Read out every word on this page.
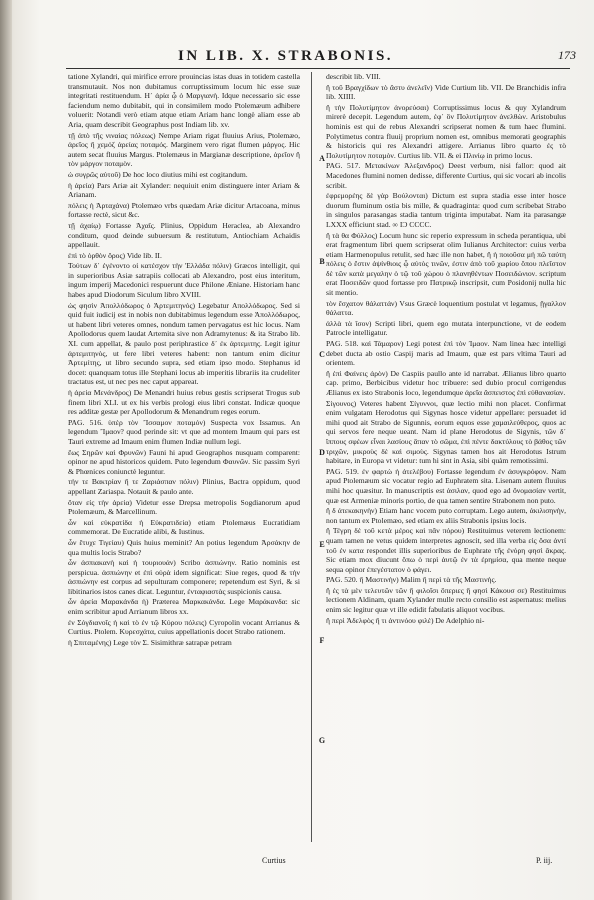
IN LIB. X. STRABONIS.	173

tatione Xylandri, qui mirifice errore prouincias istas duas in totidem castella transmutauit. Nos non dubitamus corruptissimum locum hic esse suæ integritati restituendum. Η᾽ ἀρία ᾧ ὁ Μαργιανὴ. Idque necessario sic esse faciendum nemo dubitabit, qui in consimilem modo Ptolemæum adhibere voluerit: Notandi verò etiam atque etiam Ariam hanc longè aliam esse ab Aria, quam describit Geographus post Indiam lib. xv.

τῇ ἀπὸ τῆς νιναίας πόλεως) Nempe Ariam rigat fluuius Arius, Ptolemæo, ἀρεῖος ἢ χεμόζ ἀρείας ποταμός. Marginem vero rigat flumen μάργος. Hic autem secat fluuius Margus. Ptolemæus in Margianæ descriptione, ἀρεῖον ἢ τὸν μάργον ποταμὸν.

ὡ συγρῶς αὐτοῦ) De hoc loco diutius mihi est cogitandum.

ἡ ἀρεία) Pars Ariæ ait Xylander: nequiuit enim distinguere inter Ariam & Arianam.

πόλεις ἡ Ἀρταχάνα) Ptolemæo vrbs quædam Ariæ dicitur Artacoana, minus fortasse rectè, sicut &c.

τῇ ἀχαίῳ) Fortasse Ἀχαΐς. Plinius, Oppidum Heraclea, ab Alexandro conditum, quod deinde subuersum & restitutum, Antiochiam Achaidis appellauit.

ἐπὶ τὸ ὀρθὸν ὄρος) Vide lib. II.

Τούτων δ᾽ ἐγένοντο οἱ κατέσχον τὴν Ἑλλάδα πόλιν) Græcos intelligit, qui in superioribus Asiæ satrapiis collocati ab Alexandro, post eius interitum, ingum imperij Macedonici respuerunt duce Philone Æniane. Historiam hanc habes apud Diodorum Siculum libro XVIII.

ὡς φησὶν Ἀπολλόδωρος ὁ Ἀρτεμιτηνός) Legebatur Απολλόδωρος. Sed si quid fuit iudicij est in nobis non dubitabimus legendum esse Ἀπολλόδωρος, ut habent libri veteres omnes, nondum tamen pervagatus est hic locus. Nam Apollodorus quem laudat Artemita sive non Adramytenus: & ita Strabo lib. XI. cum appellat, & paulo post periphrastice δ᾽ ἐκ ἀρτεμιτης. Legit igitur ἀρτεμιτηνὸς, ut fere libri veteres habent: non tantum enim dicitur Ἀρτεμίτης, ut libro secundo supra, sed etiam ipso modo. Stephanus id docet: quanquam totus ille Stephani locus ab imperitis librariis ita crudeliter tractatus est, ut nec pes nec caput appareat.

ἡ ἀρεία Μενάνδρος) De Menandri huius rebus gestis scripserat Trogus sub finem libri XLI. ut ex his verbis prologi eius libri constat. Indicæ quoque res additæ gestæ per Apollodorum & Menandrum reges eorum.

PAG. 516. ὑπὲρ τὸν Ἴσσαμον ποταμόν) Suspecta vox Issamus. An legendum Ἴμαον? quod perinde sit: vt que ad montem Imaum qui pars est Tauri extreme ad Imaum enim flumen Indiæ nullum legi.

ἕως Σηρῶν καὶ Φρυνῶν) Fauni hi apud Geographos nusquam comparent: opinor ne apud historicos quidem. Puto legendum Φαυνῶν. Sic passim Syri & Phœnices coniunctè leguntur.

τήν τε Βακτρίαν ἢ τε Ζαριάσπαν πόλιν) Plinius, Bactra oppidum, quod appellant Zariaspa. Notauit & paulo ante.

ὅταν εἰς τὴν ἀρεία) Videtur esse Drepsa metropolis Sogdianorum apud Ptolemæum, & Marcellinum.

ὦν καὶ εὐκρατίδα ἡ Εὐκρατιδεία) etiam Ptolemæus Eucratidiam commemorat. De Eucratide alibi, & Iustinus.

ὦν ἔτυχε Τιγείαυ) Quis huius meminit? An potius legendum Ἀρσάκην de qua multis locis Strabo?

ὦν ἀσπιακανὴ καὶ ἡ τουριουάν) Scribo ἀσπιώνην. Ratio nominis est perspicua. ἀσπιώνην et ἐπὶ οὐρὰ idem significat: Siue reges, quod & τὴν ἀσπιώνην est corpus ad sepulturam componere; repetendum est Syri, & si libitinarios istos canes dicat. Leguntur, ἐνταφιαστὰς suspicionis causa.

ὦν ἀρεία Μαρακάνδα ἡ) Præterea Μαρκακάνδα. Lege Μαράκανδα: sic enim scribitur apud Arrianum libros xx.

ἐν Σόγδιανοῖς ἡ καὶ τὸ ἐν τῷ Κύρου πόλεις) Cyropolin vocant Arrianus & Curtius. Ptolem. Κυρεσχάτα, cuius appellationis docet Strabo rationem.

ἡ Σπιταμένης) Lege τὸν Σ. Sisimithræ satrapæ petram

describit lib. VIII.

ἢ τοῦ Βραγχίδων τὸ ἄστυ ἀνελεῖν) Vide Curtium lib. VII. De Branchidis infra lib. XIIII.

ἢ τὴν Πολυτίμητον ἀνορεύσαι) Corruptissimus locus & quy Xylandrum mirerè decepit. Legendum autem, ἐφ᾽ ὃν Πολυτίμητον ἀνελθὼν. Aristobulus hominis est qui de rebus Alexandri scripserat nomen & tum haec flumini. Polytimetus contra fluuij proprium nomen est, omnibus memorati geographis & historicis qui res Alexandri attigere. Arrianus libro quarto ἐς τὸ Πολυτίμητον ποταμὸν. Curtius lib. VII. & ei Πλινίῳ in primo locus.

PAG. 517. Μετακίνων Ἀλεξανδρος) Deest verbum, nisi fallor: quod ait Macedones flumini nomen dedisse, differente Curtius, qui sic vocari ab incolis scribit.

ἐφρεμορέης δὲ γὰρ Βούλονται) Dictum est supra stadia esse inter hosce duorum fluminum ostia bis mille, & quadraginta: quod cum scribebat Strabo in singulos parasangas stadia tantum triginta imputabat. Nam ita parasangæ LXXX efficiunt stad. ∞ IϽ CCCC.

ἢ τὰ θα Φύλλος) Locum hunc sic reperio expressum in scheda perantiqua, ubi erat fragmentum libri quem scripserat olim Iulianus Architector: cuius verba etiam Harmenopulus retulit, sed hæc ille non habet, ἢ ἡ ποιοῦσα μή πῶ ταύτη πόλεις ὁ ἔστιν ἁψίνθιοις ᾧ αὐτὸς τινῶν, ἐστιν ἀπὸ τοῦ χωρίου ὅπου πλεῖστον δὲ τῶν κατὰ μεγαλην ὁ τῷ τοῦ χώρου ὁ πλανηθέντων Ποσειδώνιον. scriptum erat Ποσειδῶν quod fortasse pro Πατρικῷ inscripsit, cum Posidonij nulla hic sit mentio.

τὸν ἔσχατον θάλαττάν) Vsus Græcè loquentium postulat vt legamus, ᾔγαλλον θάλαττα.

ἀλλὰ τὰ ἴσον) Scripti libri, quem ego mutata interpunctione, vt de eodem Patrocle intelligatur.

PAG. 518. καὶ Τάμαρον) Legi potest ἐπὶ τὸν Ἰμαον. Nam linea hæc intelligi debet ducta ab ostio Caspij maris ad Imaum, quæ est pars vltima Tauri ad orientem.

ἢ ἐπὶ Φαίνεις ἀρὸν) De Caspiis paullo ante id narrabat. Ælianus libro quarto cap. primo, Berbicibus videtur hoc tribuere: sed dubio procul corrigendus Ælianus ex isto Strabonis loco, legendumque ἀρεῖα ἄσπειστος ἐπὶ εὐθανασίαν.

Σίγουνος) Veteres habent Σίγυννοι, quæ lectio mihi non placet. Confirmat enim vulgatam Herodotus qui Sigynas hosce videtur appellare: persuadet id mihi quod ait Strabo de Sigunnis, eorum equos esse χαμαιλεύθερος, quos ac qui servos fere neque ueant. Nam id plane Herodotus de Sigynis, τῶν δ᾽ ἵππους σφέων εἶναι λασίους ἅπαν τὸ σῶμα, ἐπὶ πέντε δακτύλους τὸ βάθος τῶν τριχῶν, μικροὺς δὲ καὶ σιμοὺς. Sigynas tamen hos ait Herodotus Istrum habitare, in Europa vt videtur: tum hi sint in Asia, sibi quàm remotissimi.

PAG. 519. ἐν φαρτὼ ἡ ἀτελέβου) Fortasse legendum ἐν ἀσυγκρόφον. Nam apud Ptolemæum sic vocatur regio ad Euphratem sita. Lisenam autem fluuius mihi hoc quæsitur. In manuscriptis est ἀσιλαν, quod ego ad ὄνομασίαν vertit, quæ est Armeniæ minoris portio, de qua tamen sentire Strabonem non puto.

ἢ δ ἀτεκακηνὴν) Etiam hanc vocem puto corruptam. Lego autem, ἀκιλισηνὴν, non tantum ex Ptolemæo, sed etiam ex aliis Strabonis ipsius locis.

ἢ Τέγρη δὲ τοῦ κετὰ μέρος καὶ πᾶν πόρου) Restituimus veterem lectionem: quam tamen ne vetus quidem interpretes agnoscit, sed illa verba εἰς ὅσα ἀντί τοῦ ἐν κατα respondet illis superioribus de Euphrate τῆς ἐνόρη φησὶ ἄκρας. Sic etiam mox diucunt ὅπω ὁ περὶ ἀυτῷ ἐν τὰ ἐρημίσα, qua mente neque sequa opinor ἐπεγέστατον ὁ φάγει.

PAG. 520. ἢ Μαστινὴν) Malim ἢ περὶ τὰ τῆς Μαστινὴς.

ἢ ἐς τὰ μὲν τελευτῶν τῶν ἢ φιλοῖσι ὅπεριες ἢ φησὶ Κάκουσ σε) Restituimus lectionem Aldinam, quam Xylander mulle recto consilio est aspernatus: melius enim sic legitur quæ vt ille edidit fabulatis aliquot vocibus.

ἢ περὶ Ἀδελφὸς ἢ τι ἀντινόου φιλὲ) De Adelphio ni-

A
B
C
D
E
F
G
Curtius	P. iij.
